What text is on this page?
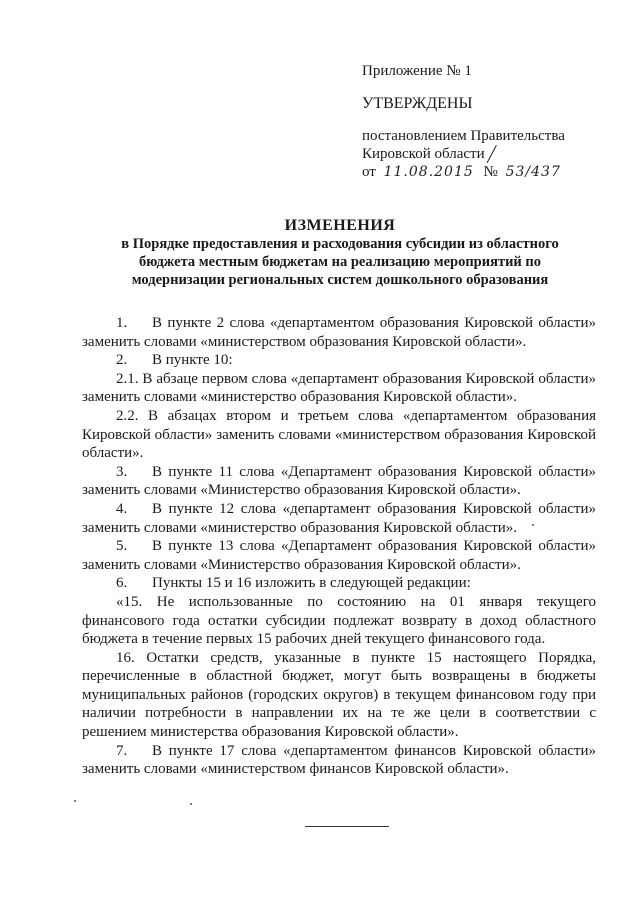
Приложение № 1
УТВЕРЖДЕНЫ
постановлением Правительства
Кировской области
от 11.08.2015 № 53/437
ИЗМЕНЕНИЯ
в Порядке предоставления и расходования субсидии из областного
бюджета местным бюджетам на реализацию мероприятий по
модернизации региональных систем дошкольного образования

1. В пункте 2 слова «департаментом образования Кировской области» заменить словами «министерством образования Кировской области».

2. В пункте 10:

2.1. В абзаце первом слова «департамент образования Кировской области» заменить словами «министерство образования Кировской области».

2.2. В абзацах втором и третьем слова «департаментом образования Кировской области» заменить словами «министерством образования Кировской области».

3. В пункте 11 слова «Департамент образования Кировской области» заменить словами «Министерство образования Кировской области».

4. В пункте 12 слова «департамент образования Кировской области» заменить словами «министерство образования Кировской области».

5. В пункте 13 слова «Департамент образования Кировской области» заменить словами «Министерство образования Кировской области».

6. Пункты 15 и 16 изложить в следующей редакции:

«15. Не использованные по состоянию на 01 января текущего финансового года остатки субсидии подлежат возврату в доход областного бюджета в течение первых 15 рабочих дней текущего финансового года.

16. Остатки средств, указанные в пункте 15 настоящего Порядка, перечисленные в областной бюджет, могут быть возвращены в бюджеты муниципальных районов (городских округов) в текущем финансовом году при наличии потребности в направлении их на те же цели в соответствии с решением министерства образования Кировской области».

7. В пункте 17 слова «департаментом финансов Кировской области» заменить словами «министерством финансов Кировской области».
